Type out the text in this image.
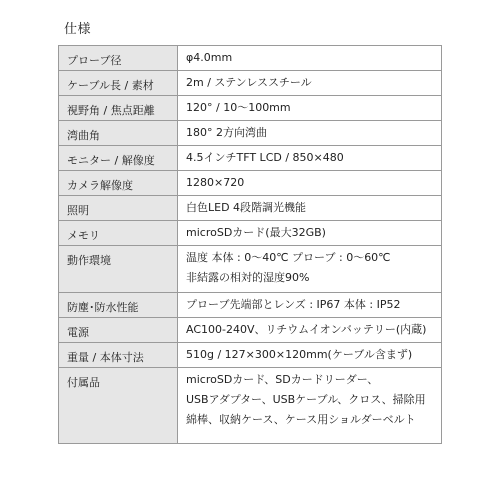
仕様
プローブ径	φ4.0mm

ケーブル長 / 素材	2m / ステンレススチール

視野角 / 焦点距離	120° / 10〜100mm

湾曲角	180° 2方向湾曲

モニター / 解像度	4.5インチTFT LCD / 850×480

カメラ解像度	1280×720

照明	白色LED 4段階調光機能

メモリ	microSDカード(最大32GB)

動作環境	温度 本体 : 0〜40℃ プローブ : 0〜60℃
非結露の相対的湿度90%

防塵･防水性能	プローブ先端部とレンズ : IP67 本体 : IP52

電源	AC100-240V、リチウムイオンバッテリー(内蔵)

重量 / 本体寸法	510g / 127×300×120mm(ケーブル含まず)

付属品	microSDカード、SDカードリーダー、
USBアダプター、USBケーブル、クロス、掃除用
綿棒、収納ケース、ケース用ショルダーベルト
